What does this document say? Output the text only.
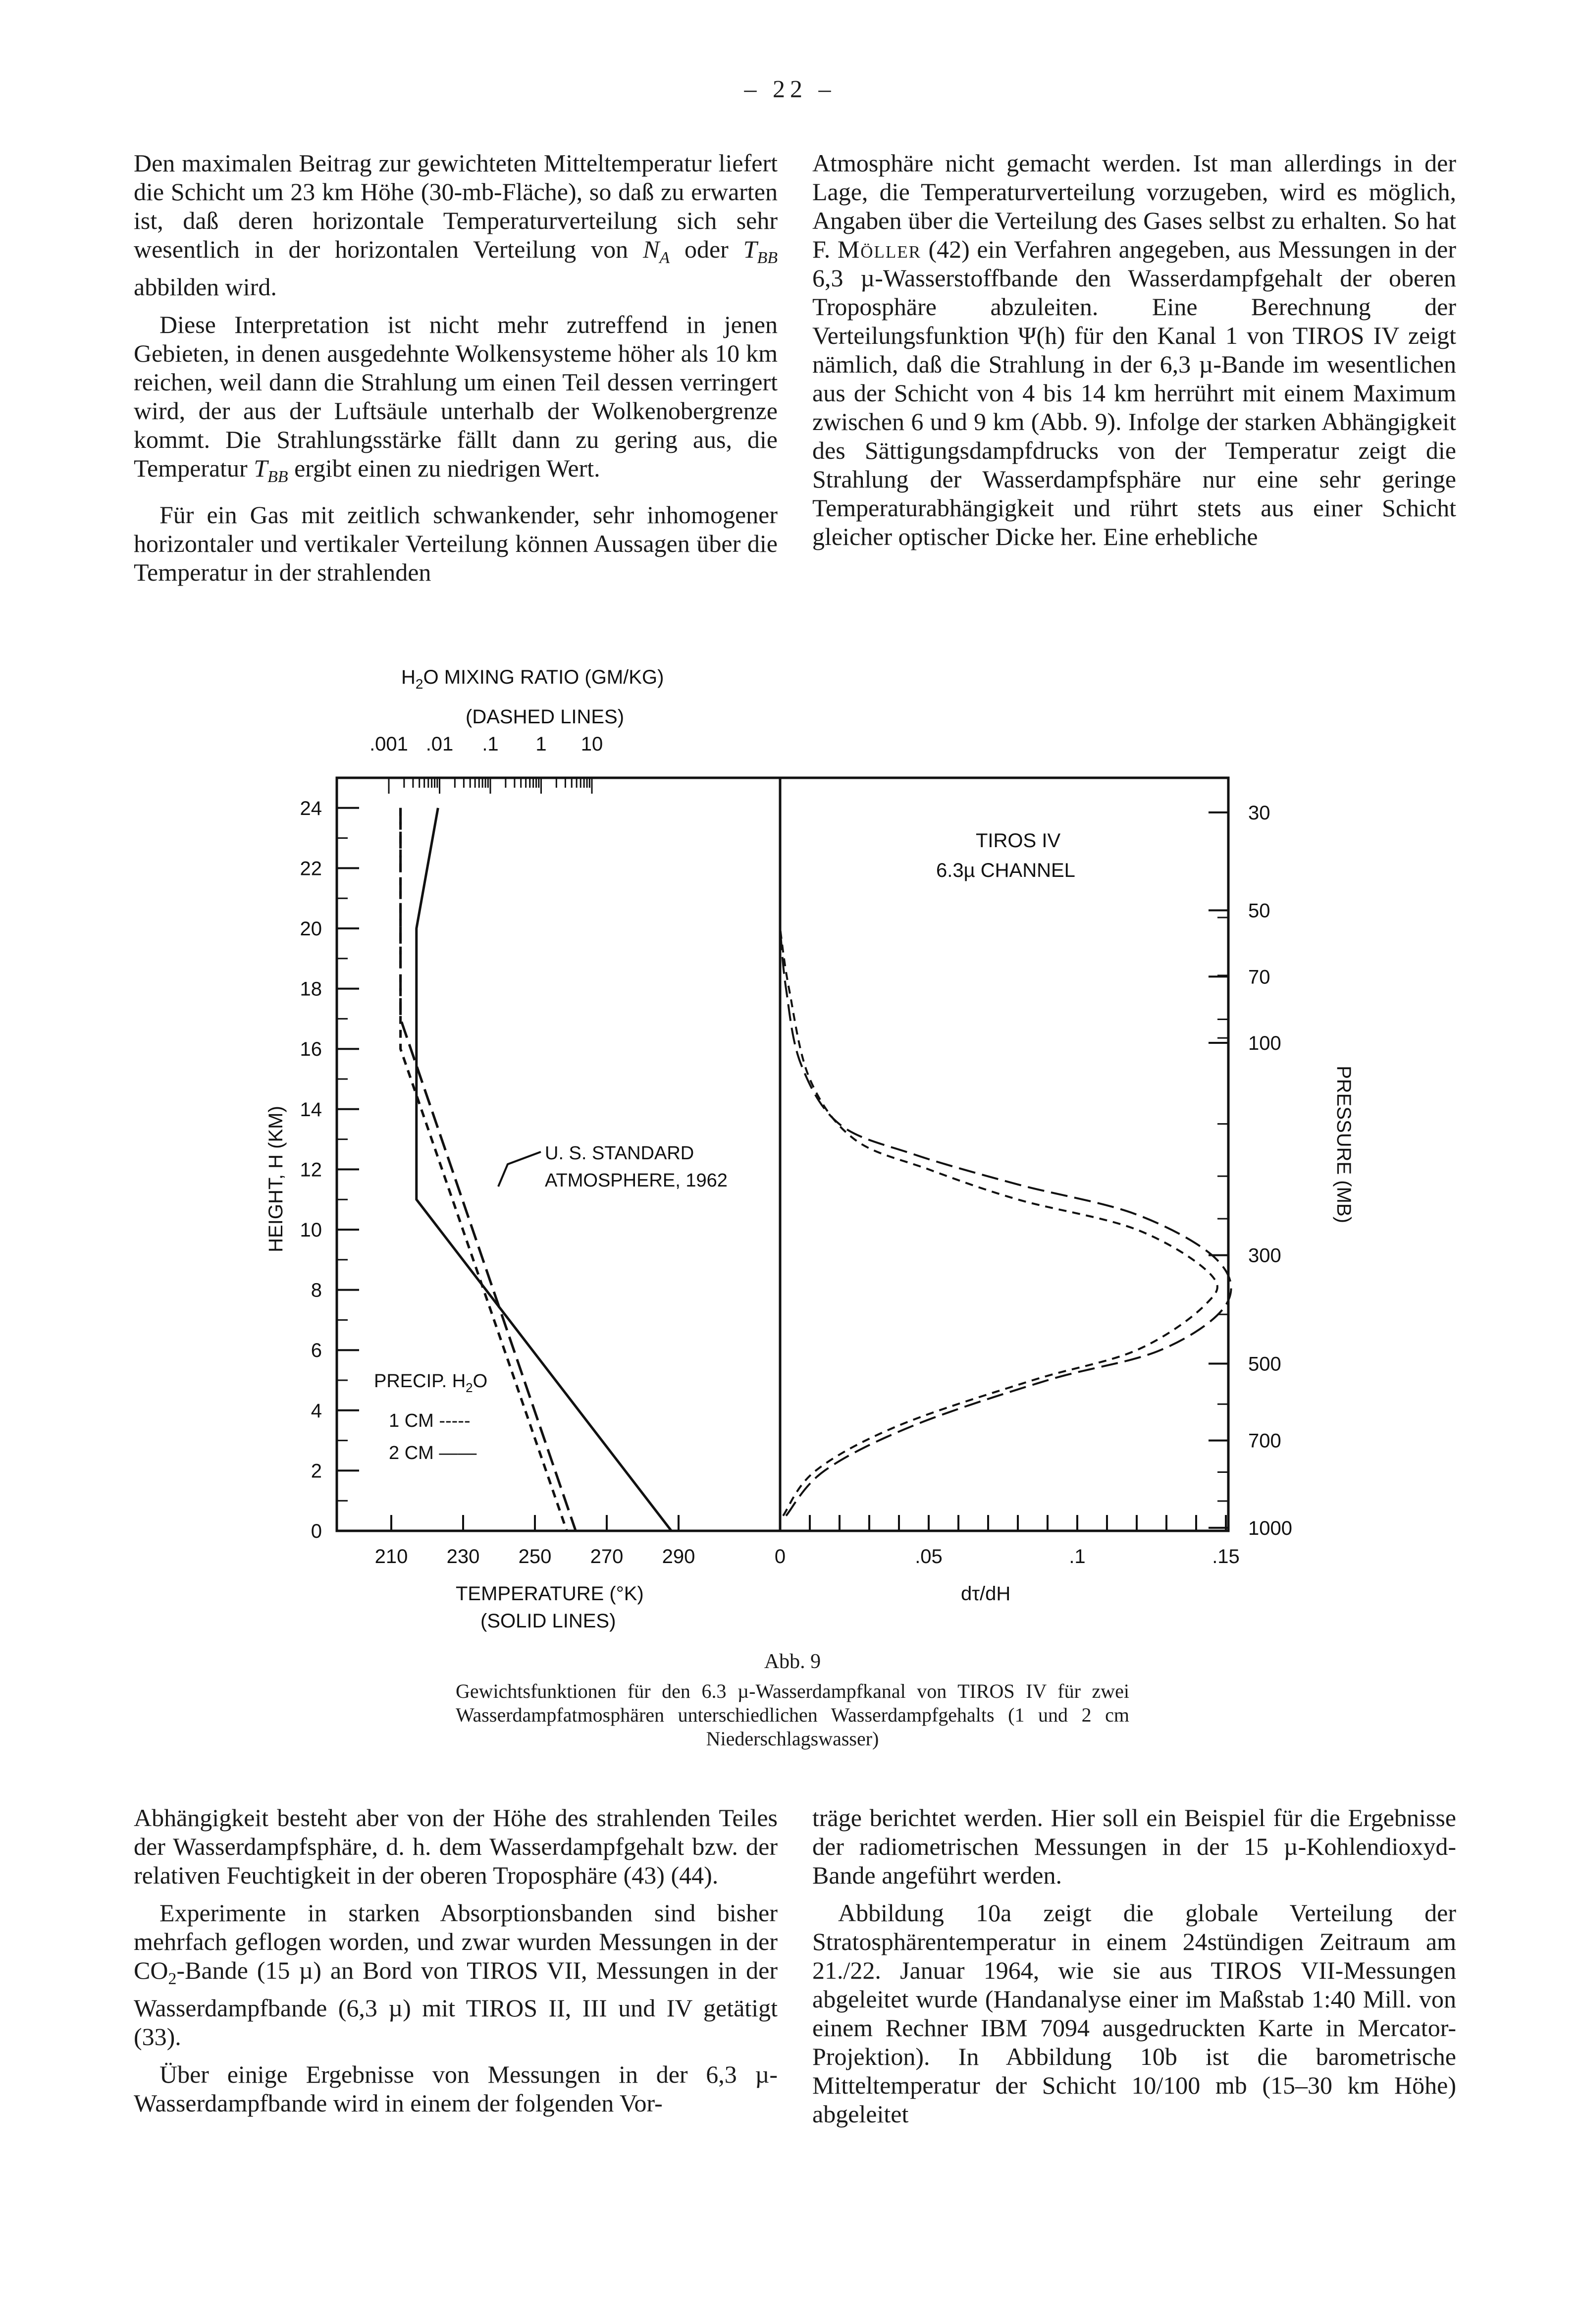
– 22 –

Den maximalen Beitrag zur gewichteten Mitteltemperatur liefert die Schicht um 23 km Höhe (30-mb-Fläche), so daß zu erwarten ist, daß deren horizontale Temperaturverteilung sich sehr wesentlich in der horizontalen Verteilung von $N_A$ oder $T_{BB}$ abbilden wird.

Diese Interpretation ist nicht mehr zutreffend in jenen Gebieten, in denen ausgedehnte Wolkensysteme höher als 10 km reichen, weil dann die Strahlung um einen Teil dessen verringert wird, der aus der Luftsäule unterhalb der Wolkenobergrenze kommt. Die Strahlungsstärke fällt dann zu gering aus, die Temperatur $T_{BB}$ ergibt einen zu niedrigen Wert.

Für ein Gas mit zeitlich schwankender, sehr inhomogener horizontaler und vertikaler Verteilung können Aussagen über die Temperatur in der strahlenden

Atmosphäre nicht gemacht werden. Ist man allerdings in der Lage, die Temperaturverteilung vorzugeben, wird es möglich, Angaben über die Verteilung des Gases selbst zu erhalten. So hat F. Möller (42) ein Verfahren angegeben, aus Messungen in der 6,3 µ-Wasserstoffbande den Wasserdampfgehalt der oberen Troposphäre abzuleiten. Eine Berechnung der Verteilungsfunktion Ψ(h) für den Kanal 1 von TIROS IV zeigt nämlich, daß die Strahlung in der 6,3 µ-Bande im wesentlichen aus der Schicht von 4 bis 14 km herrührt mit einem Maximum zwischen 6 und 9 km (Abb. 9). Infolge der starken Abhängigkeit des Sättigungsdampfdrucks von der Temperatur zeigt die Strahlung der Wasserdampfsphäre nur eine sehr geringe Temperaturabhängigkeit und rührt stets aus einer Schicht gleicher optischer Dicke her. Eine erhebliche

0
2
4
6
8
10
12
14
16
18
20
22
24	30
50
70
100
300
500
700
1000
.001 .01 .1 1 10
210 230 250 270 290	0	.05	.1	.15
$H_2O$ MIXING RATIO (GM/KG)
(DASHED LINES)
HEIGHT, H (KM)	PRESSURE (MB)
TEMPERATURE (°K)
(SOLID LINES)
dτ/dH
U. S. STANDARD
ATMOSPHERE, 1962
TIROS IV
6.3µ CHANNEL
PRECIP. $H_2O$
1 CM -----
2 CM ——
Abb. 9
Gewichtsfunktionen für den 6.3 µ-Wasserdampfkanal von TIROS IV für zwei Wasserdampfatmosphären unterschiedlichen Wasserdampfgehalts (1 und 2 cm Niederschlagswasser)

Abhängigkeit besteht aber von der Höhe des strahlenden Teiles der Wasserdampfsphäre, d. h. dem Wasserdampfgehalt bzw. der relativen Feuchtigkeit in der oberen Troposphäre (43) (44).

Experimente in starken Absorptionsbanden sind bisher mehrfach geflogen worden, und zwar wurden Messungen in der $CO_2$-Bande (15 µ) an Bord von TIROS VII, Messungen in der Wasserdampfbande (6,3 µ) mit TIROS II, III und IV getätigt (33).

Über einige Ergebnisse von Messungen in der 6,3 µ-Wasserdampfbande wird in einem der folgenden Vor-

träge berichtet werden. Hier soll ein Beispiel für die Ergebnisse der radiometrischen Messungen in der 15 µ-Kohlendioxyd-Bande angeführt werden.

Abbildung 10a zeigt die globale Verteilung der Stratosphärentemperatur in einem 24stündigen Zeitraum am 21./22. Januar 1964, wie sie aus TIROS VII-Messungen abgeleitet wurde (Handanalyse einer im Maßstab 1:40 Mill. von einem Rechner IBM 7094 ausgedruckten Karte in Mercator-Projektion). In Abbildung 10b ist die barometrische Mitteltemperatur der Schicht 10/100 mb (15–30 km Höhe) abgeleitet
